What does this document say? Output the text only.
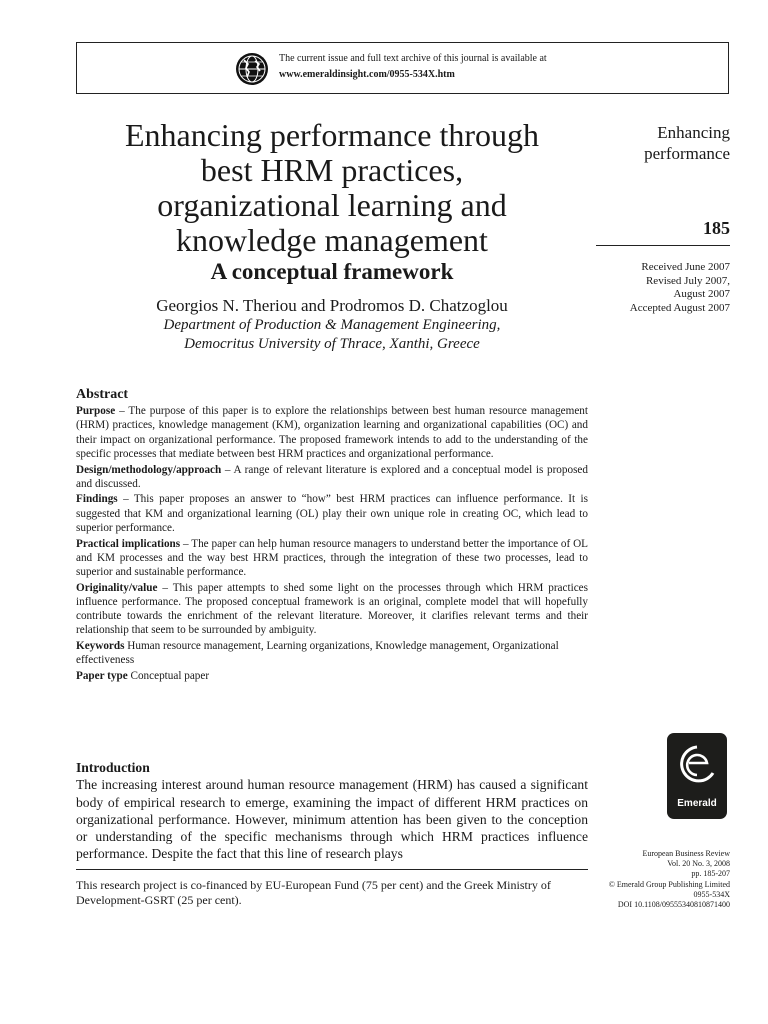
The current issue and full text archive of this journal is available at
www.emeraldinsight.com/0955-534X.htm
Enhancing performance through
best HRM practices,
organizational learning and
knowledge management
A conceptual framework
Georgios N. Theriou and Prodromos D. Chatzoglou
Department of Production & Management Engineering,
Democritus University of Thrace, Xanthi, Greece
Enhancing
performance
185
Received June 2007
Revised July 2007,
August 2007
Accepted August 2007
Abstract

Purpose – The purpose of this paper is to explore the relationships between best human resource management (HRM) practices, knowledge management (KM), organization learning and organizational capabilities (OC) and their impact on organizational performance. The proposed framework intends to add to the understanding of the specific processes that mediate between best HRM practices and organizational performance.

Design/methodology/approach – A range of relevant literature is explored and a conceptual model is proposed and discussed.

Findings – This paper proposes an answer to “how” best HRM practices can influence performance. It is suggested that KM and organizational learning (OL) play their own unique role in creating OC, which lead to superior performance.

Practical implications – The paper can help human resource managers to understand better the importance of OL and KM processes and the way best HRM practices, through the integration of these two processes, lead to superior and sustainable performance.

Originality/value – This paper attempts to shed some light on the processes through which HRM practices influence performance. The proposed conceptual framework is an original, complete model that will hopefully contribute towards the enrichment of the relevant literature. Moreover, it clarifies relevant terms and their relationship that seem to be surrounded by ambiguity.

Keywords Human resource management, Learning organizations, Knowledge management, Organizational effectiveness

Paper type Conceptual paper

Introduction

The increasing interest around human resource management (HRM) has caused a significant body of empirical research to emerge, examining the impact of different HRM practices on organizational performance. However, minimum attention has been given to the conception or understanding of the specific mechanisms through which HRM practices influence performance. Despite the fact that this line of research plays

This research project is co-financed by EU-European Fund (75 per cent) and the Greek Ministry of Development-GSRT (25 per cent).
Emerald
European Business Review
Vol. 20 No. 3, 2008
pp. 185-207
© Emerald Group Publishing Limited
0955-534X
DOI 10.1108/09555340810871400
